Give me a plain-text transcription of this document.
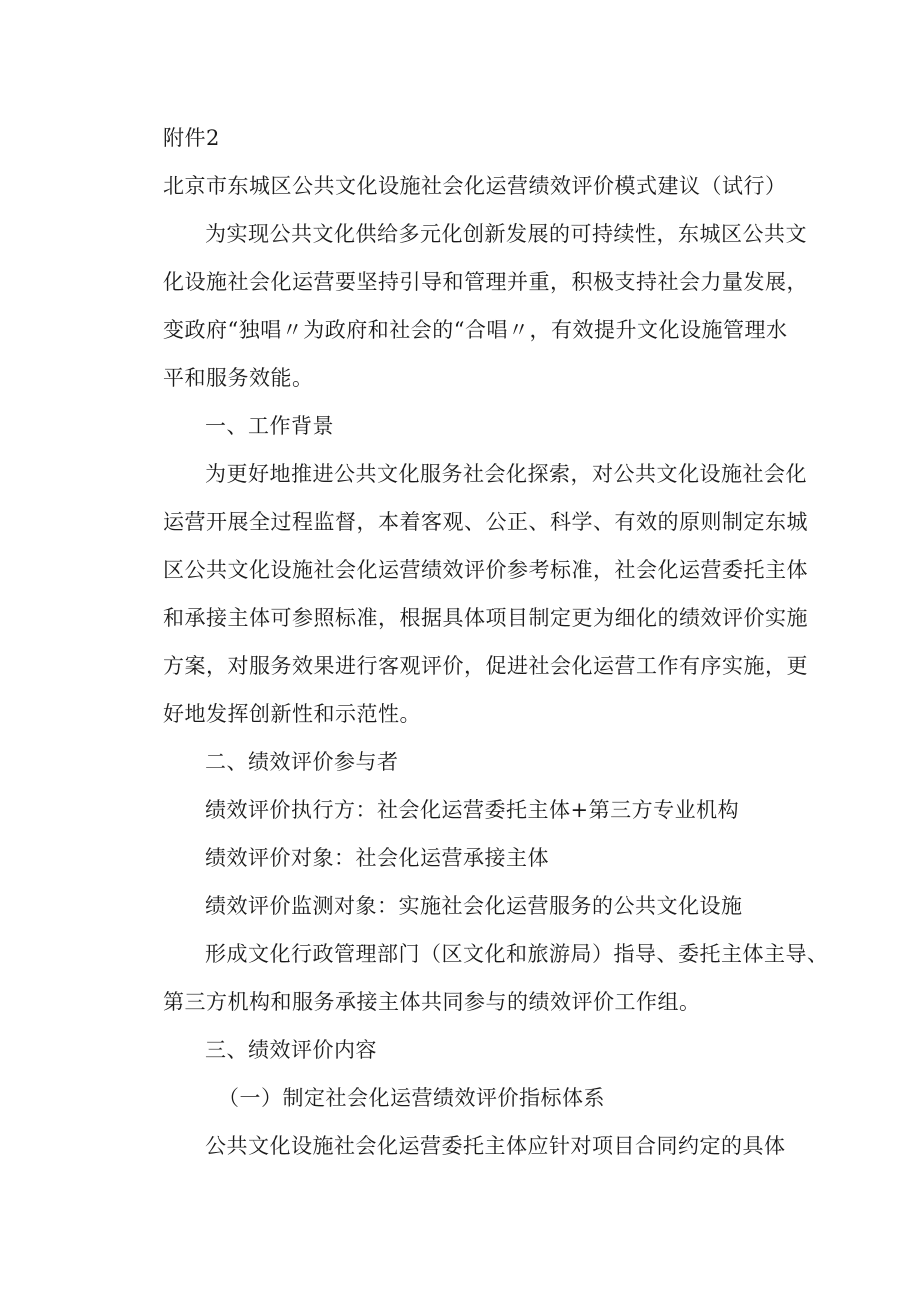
附件2
北京市东城区公共文化设施社会化运营绩效评价模式建议（试行）
为实现公共文化供给多元化创新发展的可持续性，东城区公共文
化设施社会化运营要坚持引导和管理并重，积极支持社会力量发展，
变政府“独唱〃为政府和社会的“合唱〃，有效提升文化设施管理水
平和服务效能。
一、工作背景
为更好地推进公共文化服务社会化探索，对公共文化设施社会化
运营开展全过程监督，本着客观、公正、科学、有效的原则制定东城
区公共文化设施社会化运营绩效评价参考标准，社会化运营委托主体
和承接主体可参照标准，根据具体项目制定更为细化的绩效评价实施
方案，对服务效果进行客观评价，促进社会化运营工作有序实施，更
好地发挥创新性和示范性。
二、绩效评价参与者
绩效评价执行方：社会化运营委托主体+第三方专业机构
绩效评价对象：社会化运营承接主体
绩效评价监测对象：实施社会化运营服务的公共文化设施
形成文化行政管理部门（区文化和旅游局）指导、委托主体主导、
第三方机构和服务承接主体共同参与的绩效评价工作组。
三、绩效评价内容
（一）制定社会化运营绩效评价指标体系
公共文化设施社会化运营委托主体应针对项目合同约定的具体
